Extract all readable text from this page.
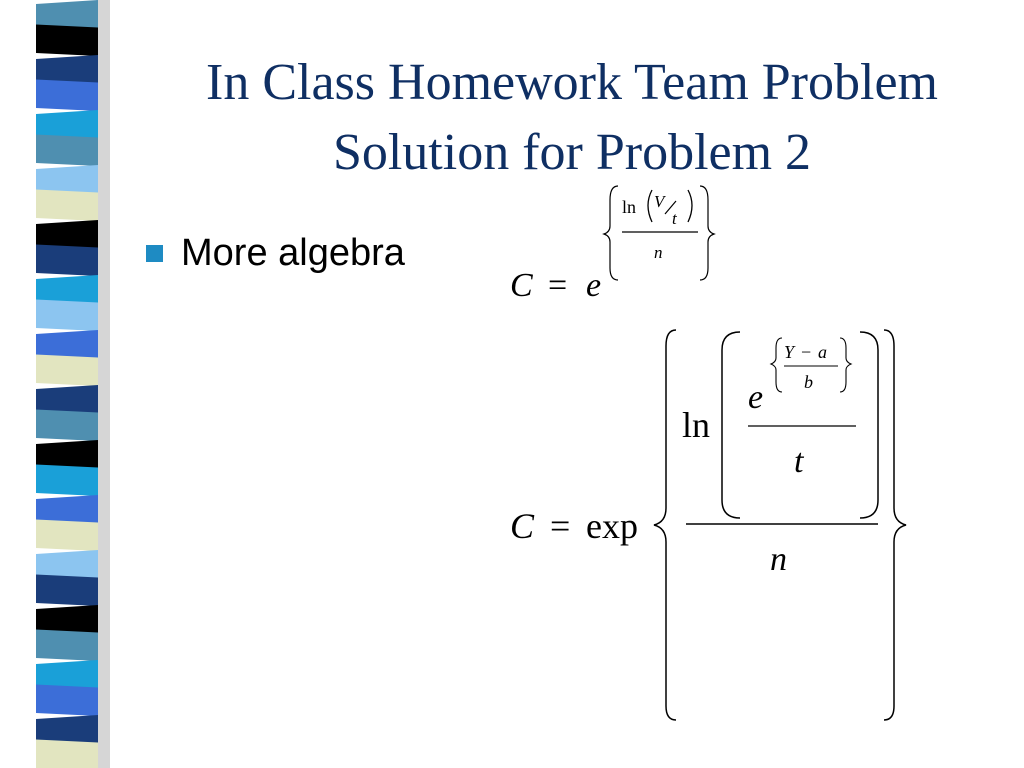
In Class Homework Team Problem
Solution for Problem 2
More algebra
C = e
ln V
t
n
C = exp
ln
e
Y − a
b
t
n
